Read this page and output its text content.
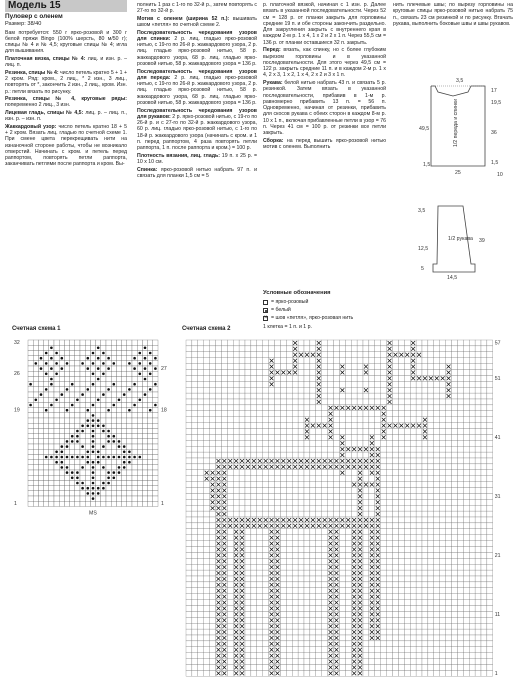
Модель 15
Пуловер с оленем
Размер: 38/40

Вам потребуется: 550 г ярко-розовой и 300 г белой пряжи Bingo (100% шерсть, 80 м/50 г); спицы № 4 и № 4,5; круговые спицы № 4; игла для вышивания.

Платочная вязка, спицы № 4: лиц. и изн. р. – лиц. п.

Резинка, спицы № 4: число петель кратно 5 + 1 + 2 кром. Ряд: кром., 2 лиц., * 2 изн., 3 лиц., повторять от *, закончить 2 изн., 2 лиц., кром. Изн. р.: петли вязать по рисунку.

Резинка, спицы № 4, круговые ряды: попеременно 2 лиц., 3 изн.

Лицевая гладь, спицы № 4,5: лиц. р. – лиц. п., изн. р. – изн. п.

Жаккардовый узор: число петель кратно 18 + 5 + 2 кром. Вязать лиц. гладью по счетной схеме 1. При смене цвета перекрещивать нити на изнаночной стороне работы, чтобы не возникало отверстий. Начинать с кром. и петель перед раппортом, повторять петли раппорта, заканчивать петлями после раппорта и кром. Вы-

полнить 1 раз с 1-го по 32-й р., затем повторять с 27-го по 32-й р.

Мотив с оленем (ширина 52 п.): вышивать швом «петля» по счетной схеме 2.

Последовательность чередования узоров для спинки: 2 р. лиц. гладью ярко-розовой нитью, с 19-го по 26-й р. жаккардового узора, 2 р. лиц. гладью ярко-розовой нитью, 58 р. жаккардового узора, 68 р. лиц. гладью ярко-розовой нитью, 58 р. жаккардового узора = 136 р.

Последовательность чередования узоров для переда: 2 р. лиц. гладью ярко-розовой нитью, с 19-го по 26-й р. жаккардового узора, 2 р. лиц. гладью ярко-розовой нитью, 58 р. жаккардового узора, 68 р. лиц. гладью ярко-розовой нитью, 58 р. жаккардового узора = 136 р.

Последовательность чередования узоров для рукавов: 2 р. ярко-розовой нитью, с 19-го по 26-й р. и с 27-го по 32-й р. жаккардового узора, 60 р. лиц. гладью ярко-розовой нитью, с 1-го по 18-й р. жаккардового узора (начинать с кром. и 1 п. перед раппортом, 4 раза повторять петли раппорта, 1 п. после раппорта и кром.) = 100 р.

Плотность вязания, лиц. гладь: 19 п. х 25 р. = 10 х 10 см.

Спинка: ярко-розовой нитью набрать 97 п. и связать для планки 1,5 см = 5

р. платочной вязкой, начиная с 1 изн. р. Далее вязать в указанной последовательности. Через 52 см = 128 р. от планки закрыть для горловины средние 19 п. и обе стороны закончить раздельно. Для закругления закрыть с внутреннего края в каждом 2-м р. 1 х 4, 1 х 2 и 2 х 1 п. Через 55,5 см = 136 р. от планки оставшиеся 32 п. закрыть.

Перед: вязать, как спинку, но с более глубоким вырезом горловины и в указанной последовательности. Для этого через 49,5 см = 122 р. закрыть средние 11 п. и в каждом 2-м р. 1 х 4, 2 х 3, 1 х 2, 1 х 4, 2 х 2 и 3 х 1 п.

Рукава: белой нитью набрать 43 п. и связать 5 р. резинкой. Затем вязать в указанной последовательности, прибавив в 1-м р. равномерно прибавить 13 п. = 56 п. Одновременно, начиная от резинки, прибавить для скосов рукава с обеих сторон в каждом 8-м р. 10 х 1 п., включая прибавленные петли в узор = 76 п. Через 41 см = 100 р. от резинки все петли закрыть.

Сборка: на перед вышить ярко-розовой нитью мотив с оленем. Выполнить

нить плечевые швы; по вырезу горловины на круговые спицы ярко-розовой нитью набрать 75 п., связать 23 см резинкой и по рисунку. Втачать рукава, выполнить боковые швы и швы рукавов.

1/2 переда и спинки
49,5
17
19,5
36
1,5
3,5
25
1,5
10
1/2 рукава
3,5
12,5
5
14,5
39
Условные обозначения
= ярко-розовый
= белый
×
= шов «петля», ярко-розовая нить
1 клетка = 1 п. и 1 р.
Счетная схема 1
32
26
19
1
27
18
1
MS
Счетная схема 2
57
51
41
31
21
11
1
